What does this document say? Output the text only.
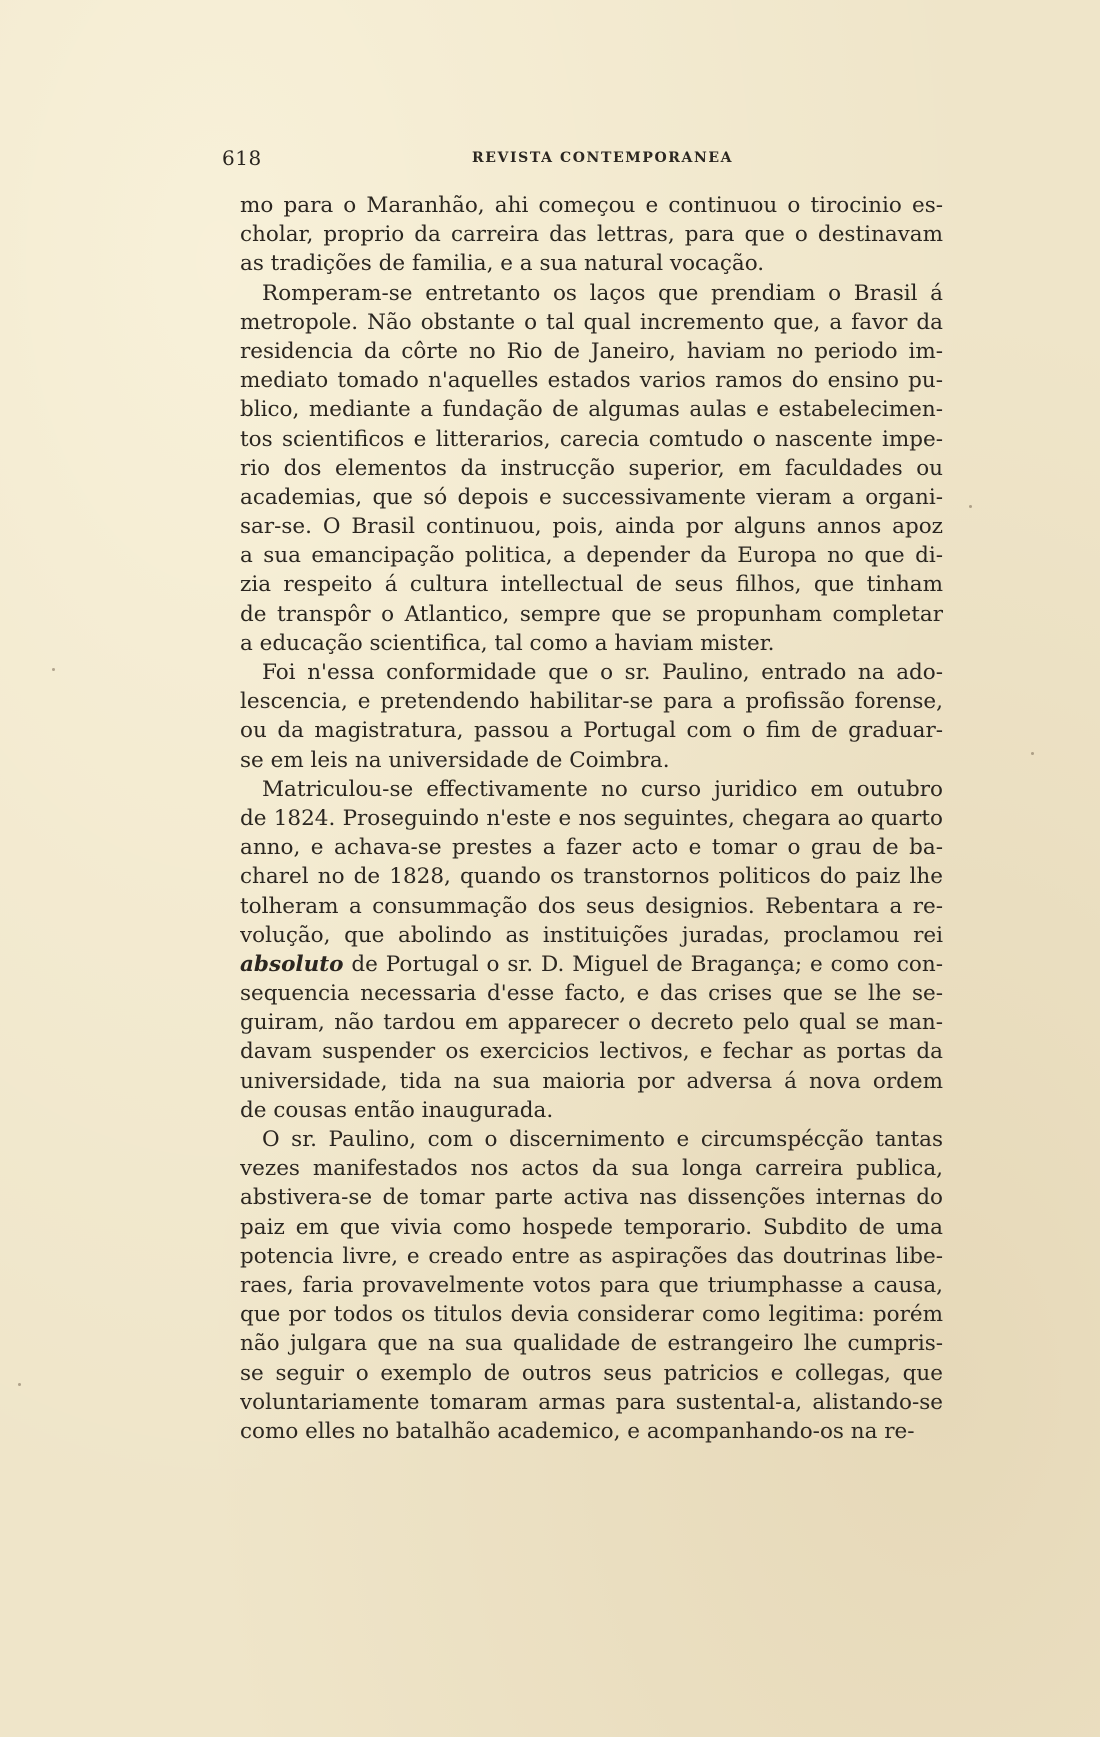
618	REVISTA CONTEMPORANEA
mo para o Maranhão, ahi começou e continuou o tirocinio es-
cholar, proprio da carreira das lettras, para que o destinavam
as tradições de familia, e a sua natural vocação.
Romperam-se entretanto os laços que prendiam o Brasil á
metropole. Não obstante o tal qual incremento que, a favor da
residencia da côrte no Rio de Janeiro, haviam no periodo im-
mediato tomado n'aquelles estados varios ramos do ensino pu-
blico, mediante a fundação de algumas aulas e estabelecimen-
tos scientificos e litterarios, carecia comtudo o nascente impe-
rio dos elementos da instrucção superior, em faculdades ou
academias, que só depois e successivamente vieram a organi-
sar-se. O Brasil continuou, pois, ainda por alguns annos apoz
a sua emancipação politica, a depender da Europa no que di-
zia respeito á cultura intellectual de seus filhos, que tinham
de transpôr o Atlantico, sempre que se propunham completar
a educação scientifica, tal como a haviam mister.
Foi n'essa conformidade que o sr. Paulino, entrado na ado-
lescencia, e pretendendo habilitar-se para a profissão forense,
ou da magistratura, passou a Portugal com o fim de graduar-
se em leis na universidade de Coimbra.
Matriculou-se effectivamente no curso juridico em outubro
de 1824. Proseguindo n'este e nos seguintes, chegara ao quarto
anno, e achava-se prestes a fazer acto e tomar o grau de ba-
charel no de 1828, quando os transtornos politicos do paiz lhe
tolheram a consummação dos seus designios. Rebentara a re-
volução, que abolindo as instituições juradas, proclamou rei
absoluto de Portugal o sr. D. Miguel de Bragança; e como con-
sequencia necessaria d'esse facto, e das crises que se lhe se-
guiram, não tardou em apparecer o decreto pelo qual se man-
davam suspender os exercicios lectivos, e fechar as portas da
universidade, tida na sua maioria por adversa á nova ordem
de cousas então inaugurada.
O sr. Paulino, com o discernimento e circumspécção tantas
vezes manifestados nos actos da sua longa carreira publica,
abstivera-se de tomar parte activa nas dissenções internas do
paiz em que vivia como hospede temporario. Subdito de uma
potencia livre, e creado entre as aspirações das doutrinas libe-
raes, faria provavelmente votos para que triumphasse a causa,
que por todos os titulos devia considerar como legitima: porém
não julgara que na sua qualidade de estrangeiro lhe cumpris-
se seguir o exemplo de outros seus patricios e collegas, que
voluntariamente tomaram armas para sustental-a, alistando-se
como elles no batalhão academico, e acompanhando-os na re-
